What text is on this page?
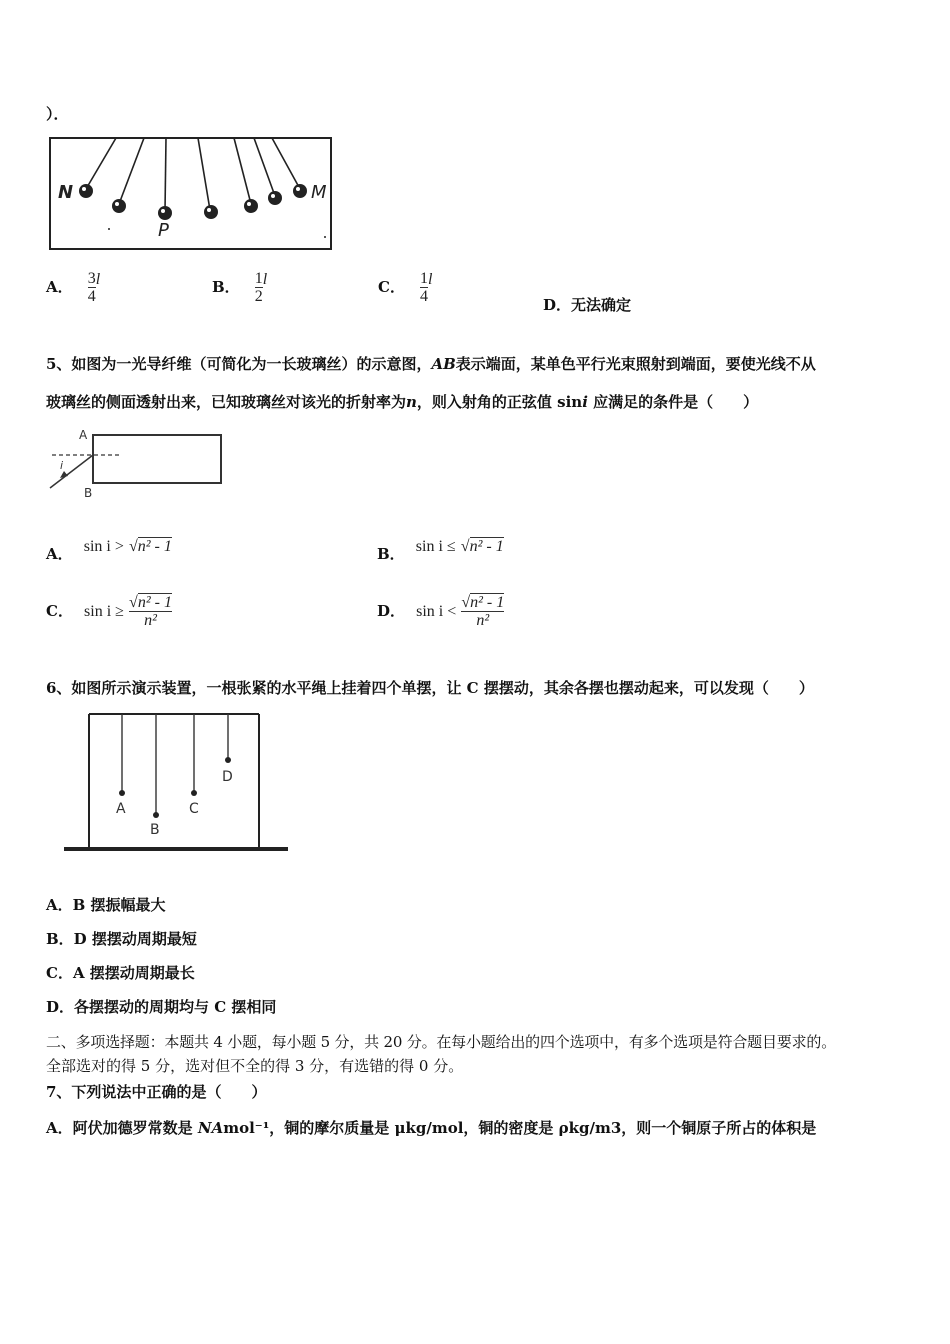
）．
N
P
M
A． $\frac{3}{4}$ l	B． $\frac{1}{2}$ l	C． $\frac{1}{4}$ l
D．无法确定
5、如图为一光导纤维（可简化为一长玻璃丝）的示意图，AB表示端面，某单色平行光束照射到端面，要使光线不从
玻璃丝的侧面透射出来，已知玻璃丝对该光的折射率为n，则入射角的正弦值 sini 应满足的条件是（　　）
A
B
i
A． sin i > √n² - 1	B． sin i ≤ √n² - 1
C． $\sin i \ge \frac{\text{√n² - 1}}{\text{n²}}$	D． $\sin i < \frac{\text{√n² - 1}}{\text{n²}}$
6、如图所示演示装置，一根张紧的水平绳上挂着四个单摆，让 C 摆摆动，其余各摆也摆动起来，可以发现（　　）
A
B
C
D
A．B 摆振幅最大
B．D 摆摆动周期最短
C．A 摆摆动周期最长
D．各摆摆动的周期均与 C 摆相同
二、多项选择题：本题共 4 小题，每小题 5 分，共 20 分。在每小题给出的四个选项中，有多个选项是符合题目要求的。
全部选对的得 5 分，选对但不全的得 3 分，有选错的得 0 分。
7、下列说法中正确的是（　　）
A．阿伏加德罗常数是 NAmol⁻¹，铜的摩尔质量是 μkg/mol，铜的密度是 ρkg/m3，则一个铜原子所占的体积是
